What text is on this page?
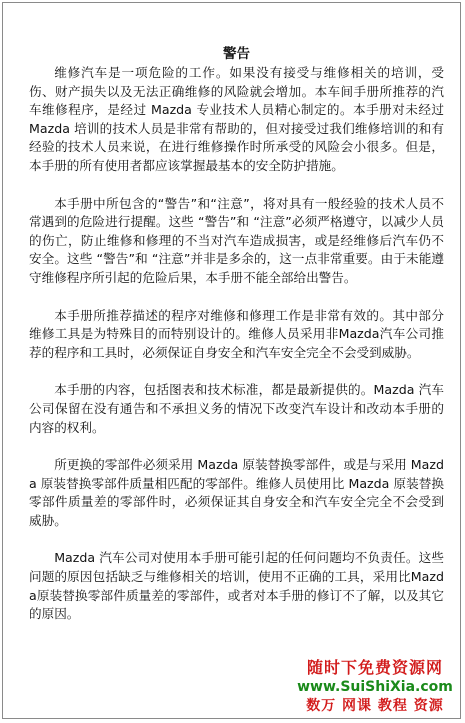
警告

维修汽车是一项危险的工作。如果没有接受与维修相关的培训，受伤、财产损失以及无法正确维修的风险就会增加。本车间手册所推荐的汽车维修程序，是经过 Mazda 专业技术人员精心制定的。本手册对未经过 Mazda 培训的技术人员是非常有帮助的，但对接受过我们维修培训的和有经验的技术人员来说，在进行维修操作时所承受的风险会小很多。但是，本手册的所有使用者都应该掌握最基本的安全防护措施。

本手册中所包含的“警告”和“注意”，将对具有一般经验的技术人员不常遇到的危险进行提醒。这些 “警告”和 “注意”必须严格遵守，以减少人员的伤亡，防止维修和修理的不当对汽车造成损害，或是经维修后汽车仍不安全。这些 “警告”和 “注意”并非是多余的，这一点非常重要。由于未能遵守维修程序所引起的危险后果，本手册不能全部给出警告。

本手册所推荐描述的程序对维修和修理工作是非常有效的。其中部分维修工具是为特殊目的而特别设计的。维修人员采用非Mazda汽车公司推荐的程序和工具时，必须保证自身安全和汽车安全完全不会受到威胁。

本手册的内容，包括图表和技术标准，都是最新提供的。Mazda 汽车公司保留在没有通告和不承担义务的情况下改变汽车设计和改动本手册的内容的权利。

所更换的零部件必须采用 Mazda 原装替换零部件，或是与采用 Mazda 原装替换零部件质量相匹配的零部件。维修人员使用比 Mazda 原装替换零部件质量差的零部件时，必须保证其自身安全和汽车安全完全不会受到威胁。

Mazda 汽车公司对使用本手册可能引起的任何问题均不负责任。这些问题的原因包括缺乏与维修相关的培训，使用不正确的工具，采用比Mazda原装替换零部件质量差的零部件，或者对本手册的修订不了解，以及其它的原因。

随时下免费资源网
www.SuiShiXia.com
数万 网课 教程 资源
